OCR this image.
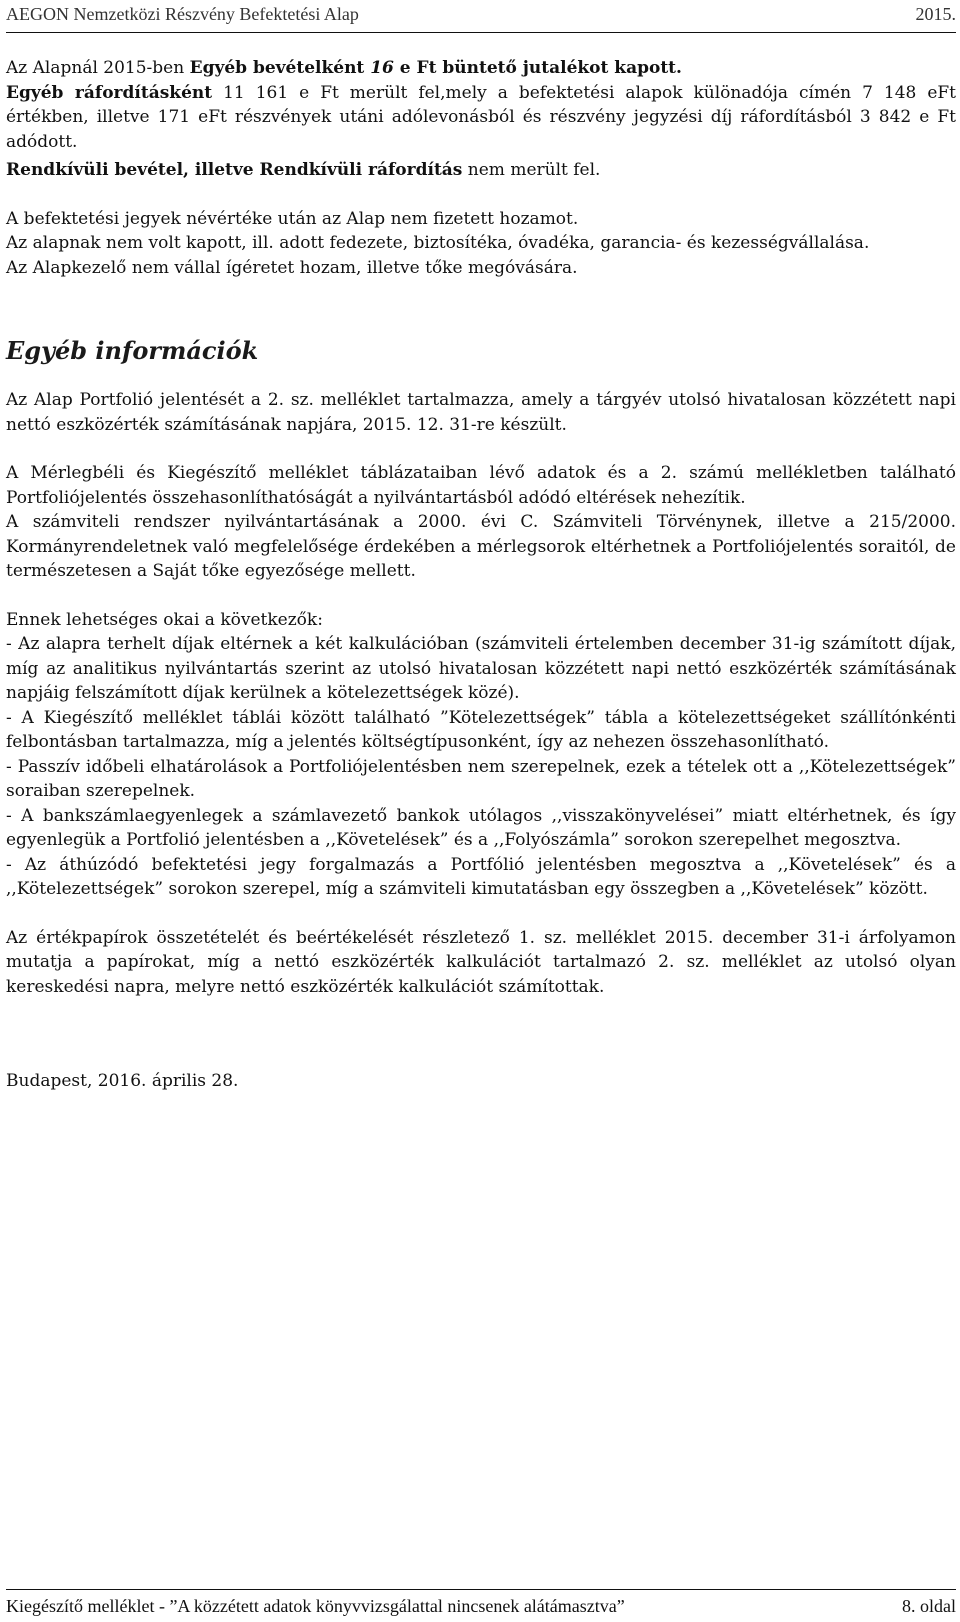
AEGON Nemzetközi Részvény Befektetési Alap	2015.

Az Alapnál 2015-ben Egyéb bevételként 16 e Ft büntető jutalékot kapott.

Egyéb ráfordításként 11 161 e Ft merült fel,mely a befektetési alapok különadója címén 7 148 eFt értékben, illetve 171 eFt részvények utáni adólevonásból és részvény jegyzési díj ráfordításból 3 842 e Ft adódott.

Rendkívüli bevétel, illetve Rendkívüli ráfordítás nem merült fel.

A befektetési jegyek névértéke után az Alap nem fizetett hozamot.

Az alapnak nem volt kapott, ill. adott fedezete, biztosítéka, óvadéka, garancia- és kezességvállalása.

Az Alapkezelő nem vállal ígéretet hozam, illetve tőke megóvására.

Egyéb információk

Az Alap Portfolió jelentését a 2. sz. melléklet tartalmazza, amely a tárgyév utolsó hivatalosan közzétett napi nettó eszközérték számításának napjára, 2015. 12. 31-re készült.

A Mérlegbéli és Kiegészítő melléklet táblázataiban lévő adatok és a 2. számú mellékletben található Portfoliójelentés összehasonlíthatóságát a nyilvántartásból adódó eltérések nehezítik.

A számviteli rendszer nyilvántartásának a 2000. évi C. Számviteli Törvénynek, illetve a 215/2000. Kormányrendeletnek való megfelelősége érdekében a mérlegsorok eltérhetnek a Portfoliójelentés soraitól, de természetesen a Saját tőke egyezősége mellett.

Ennek lehetséges okai a következők:

- Az alapra terhelt díjak eltérnek a két kalkulációban (számviteli értelemben december 31-ig számított díjak, míg az analitikus nyilvántartás szerint az utolsó hivatalosan közzétett napi nettó eszközérték számításának napjáig felszámított díjak kerülnek a kötelezettségek közé).

- A Kiegészítő melléklet táblái között található ”Kötelezettségek” tábla a kötelezettségeket szállítónkénti felbontásban tartalmazza, míg a jelentés költségtípusonként, így az nehezen összehasonlítható.

- Passzív időbeli elhatárolások a Portfoliójelentésben nem szerepelnek, ezek a tételek ott a ,,Kötelezettségek” soraiban szerepelnek.

- A bankszámlaegyenlegek a számlavezető bankok utólagos ,,visszakönyvelései” miatt eltérhetnek, és így egyenlegük a Portfolió jelentésben a ,,Követelések” és a ,,Folyószámla” sorokon szerepelhet megosztva.

- Az áthúzódó befektetési jegy forgalmazás a Portfólió jelentésben megosztva a ,,Követelések” és a ,,Kötelezettségek” sorokon szerepel, míg a számviteli kimutatásban egy összegben a ,,Követelések” között.

Az értékpapírok összetételét és beértékelését részletező 1. sz. melléklet 2015. december 31-i árfolyamon mutatja a papírokat, míg a nettó eszközérték kalkulációt tartalmazó 2. sz. melléklet az utolsó olyan kereskedési napra, melyre nettó eszközérték kalkulációt számítottak.

Budapest, 2016. április 28.

Kiegészítő melléklet - ”A közzétett adatok könyvvizsgálattal nincsenek alátámasztva”	8. oldal
